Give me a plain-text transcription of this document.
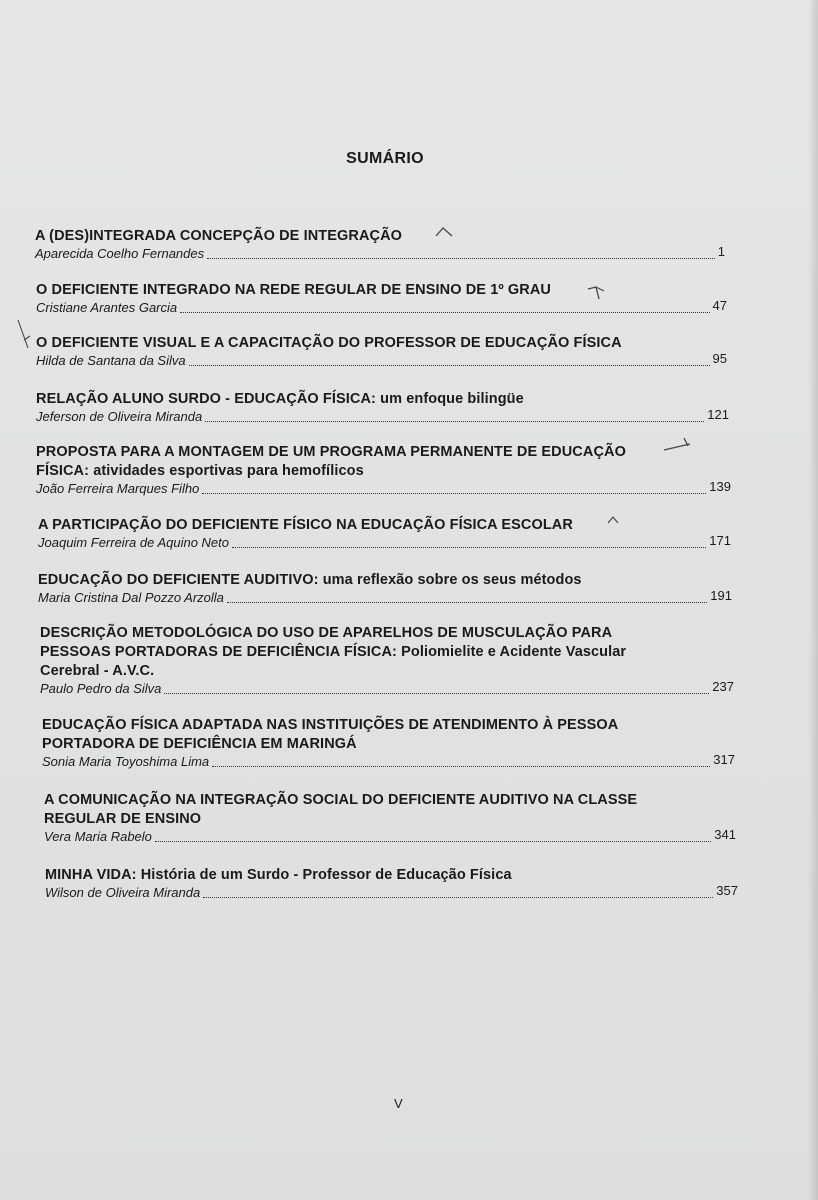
SUMÁRIO
A (DES)INTEGRADA CONCEPÇÃO DE INTEGRAÇÃO
Aparecida Coelho Fernandes	1
O DEFICIENTE INTEGRADO NA REDE REGULAR DE ENSINO DE 1º GRAU
Cristiane Arantes Garcia	47
O DEFICIENTE VISUAL E A CAPACITAÇÃO DO PROFESSOR DE EDUCAÇÃO FÍSICA
Hilda de Santana da Silva	95
RELAÇÃO ALUNO SURDO - EDUCAÇÃO FÍSICA: um enfoque bilingüe
Jeferson de Oliveira Miranda	121
PROPOSTA PARA A MONTAGEM DE UM PROGRAMA PERMANENTE DE EDUCAÇÃO FÍSICA: atividades esportivas para hemofílicos
João Ferreira Marques Filho	139
A PARTICIPAÇÃO DO DEFICIENTE FÍSICO NA EDUCAÇÃO FÍSICA ESCOLAR
Joaquim Ferreira de Aquino Neto	171
EDUCAÇÃO DO DEFICIENTE AUDITIVO: uma reflexão sobre os seus métodos
Maria Cristina Dal Pozzo Arzolla	191
DESCRIÇÃO METODOLÓGICA DO USO DE APARELHOS DE MUSCULAÇÃO PARA PESSOAS PORTADORAS DE DEFICIÊNCIA FÍSICA: Poliomielite e Acidente Vascular Cerebral - A.V.C.
Paulo Pedro da Silva	237
EDUCAÇÃO FÍSICA ADAPTADA NAS INSTITUIÇÕES DE ATENDIMENTO À PESSOA PORTADORA DE DEFICIÊNCIA EM MARINGÁ
Sonia Maria Toyoshima Lima	317
A COMUNICAÇÃO NA INTEGRAÇÃO SOCIAL DO DEFICIENTE AUDITIVO NA CLASSE REGULAR DE ENSINO
Vera Maria Rabelo	341
MINHA VIDA: História de um Surdo - Professor de Educação Física
Wilson de Oliveira Miranda	357
V
